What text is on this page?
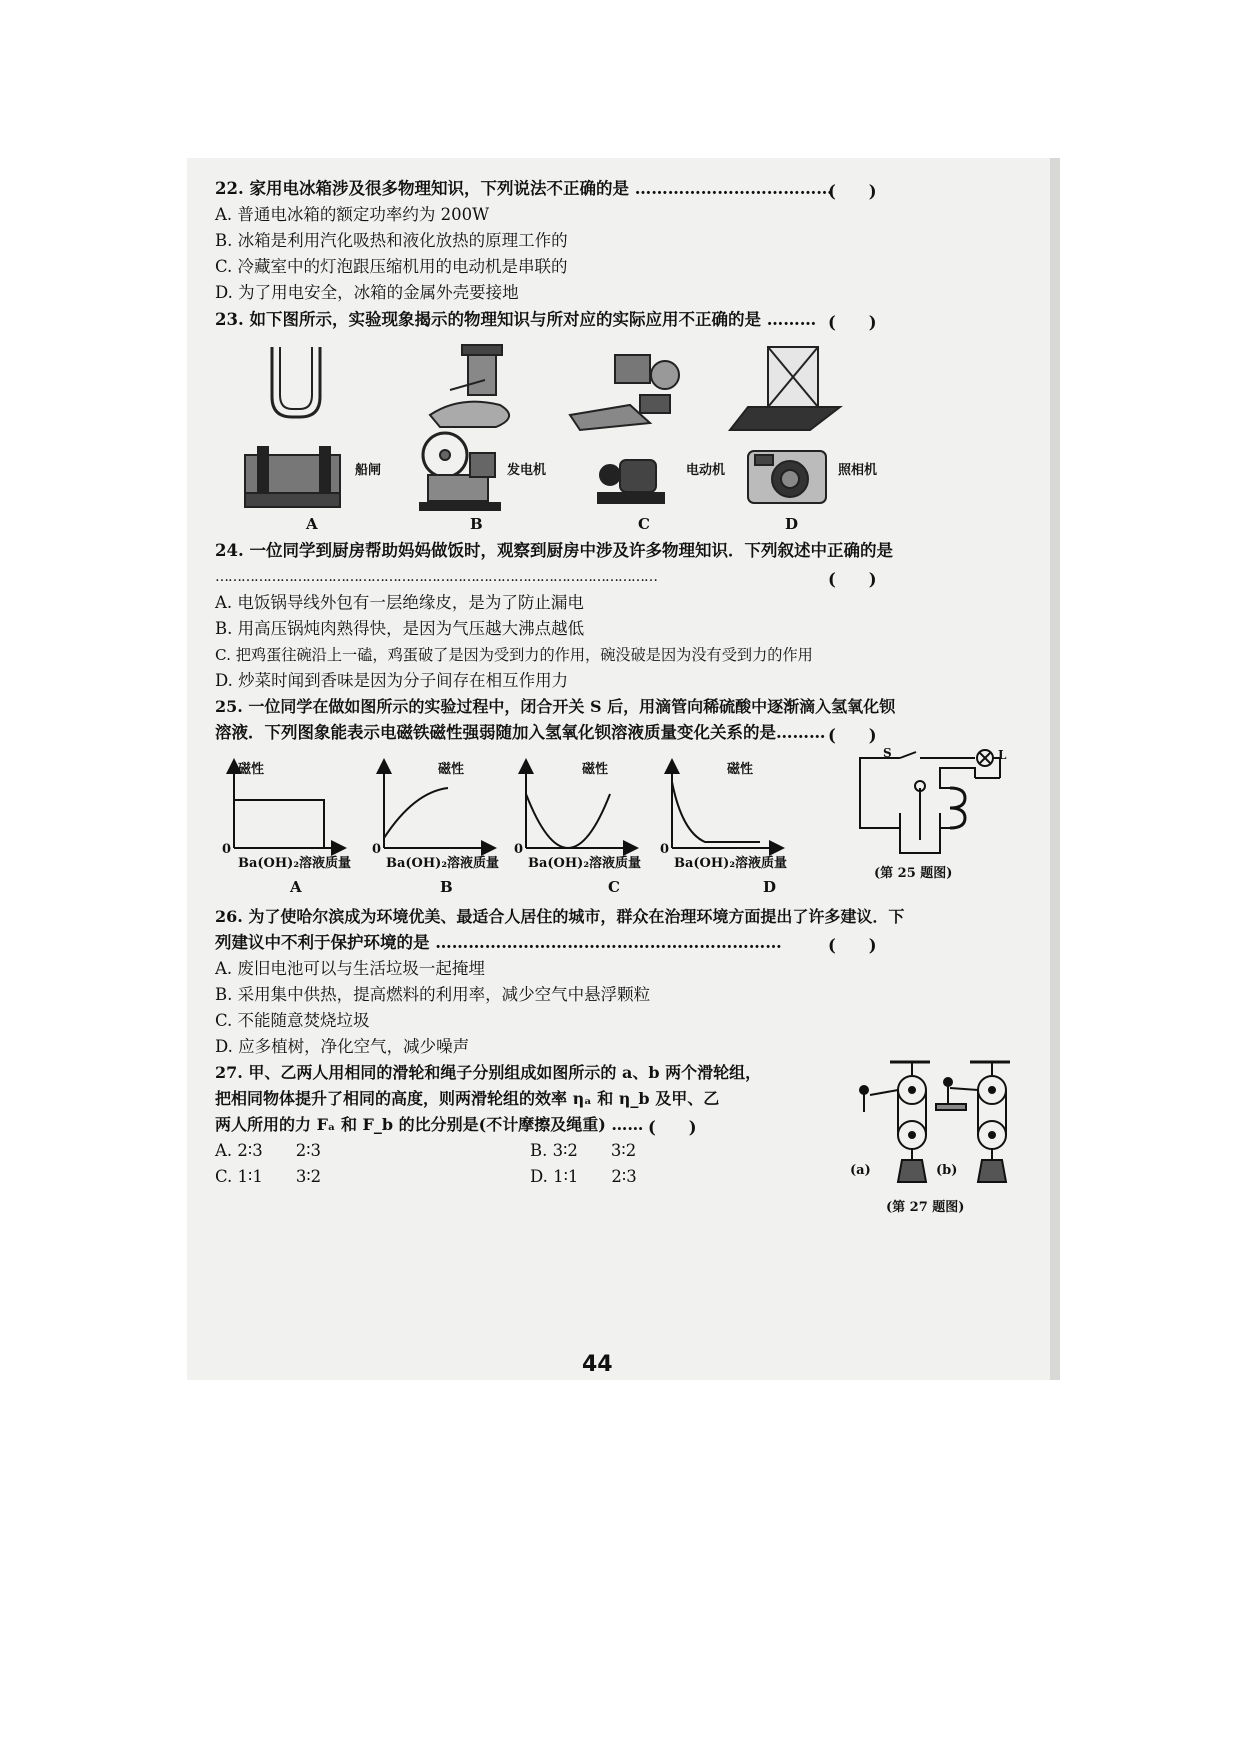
22. 家用电冰箱涉及很多物理知识，下列说法不正确的是 ………………………………
(　　)
A. 普通电冰箱的额定功率约为 200W
B. 冰箱是利用汽化吸热和液化放热的原理工作的
C. 冷藏室中的灯泡跟压缩机用的电动机是串联的
D. 为了用电安全，冰箱的金属外壳要接地
23. 如下图所示，实验现象揭示的物理知识与所对应的实际应用不正确的是 ……… (　　)
船闸	发电机	电动机	照相机
A	B	C	D
24. 一位同学到厨房帮助妈妈做饭时，观察到厨房中涉及许多物理知识．下列叙述中正确的是
…………………………………………………………………………………………	(　　)
A. 电饭锅导线外包有一层绝缘皮，是为了防止漏电
B. 用高压锅炖肉熟得快，是因为气压越大沸点越低
C. 把鸡蛋往碗沿上一磕，鸡蛋破了是因为受到力的作用，碗没破是因为没有受到力的作用
D. 炒菜时闻到香味是因为分子间存在相互作用力
25. 一位同学在做如图所示的实验过程中，闭合开关 S 后，用滴管向稀硫酸中逐渐滴入氢氧化钡
溶液．下列图象能表示电磁铁磁性强弱随加入氢氧化钡溶液质量变化关系的是……… (　　)
磁性
磁性	磁性	磁性
0	0	0	0
Ba(OH)₂溶液质量	Ba(OH)₂溶液质量 Ba(OH)₂溶液质量	Ba(OH)₂溶液质量
A	B	C	D
S	L
(第 25 题图)
26. 为了使哈尔滨成为环境优美、最适合人居住的城市，群众在治理环境方面提出了许多建议．下
列建议中不利于保护环境的是 ………………………………………………………	(　　)
A. 废旧电池可以与生活垃圾一起掩埋
B. 采用集中供热，提高燃料的利用率，减少空气中悬浮颗粒
C. 不能随意焚烧垃圾
D. 应多植树，净化空气，减少噪声
27. 甲、乙两人用相同的滑轮和绳子分别组成如图所示的 a、b 两个滑轮组，
把相同物体提升了相同的高度，则两滑轮组的效率 ηₐ 和 η_b 及甲、乙
两人所用的力 Fₐ 和 F_b 的比分别是(不计摩擦及绳重) …… (　　)
A. 2∶3　　2∶3	B. 3∶2　　3∶2
C. 1∶1　　3∶2	D. 1∶1　　2∶3	(a)	(b)
(第 27 题图)
44
